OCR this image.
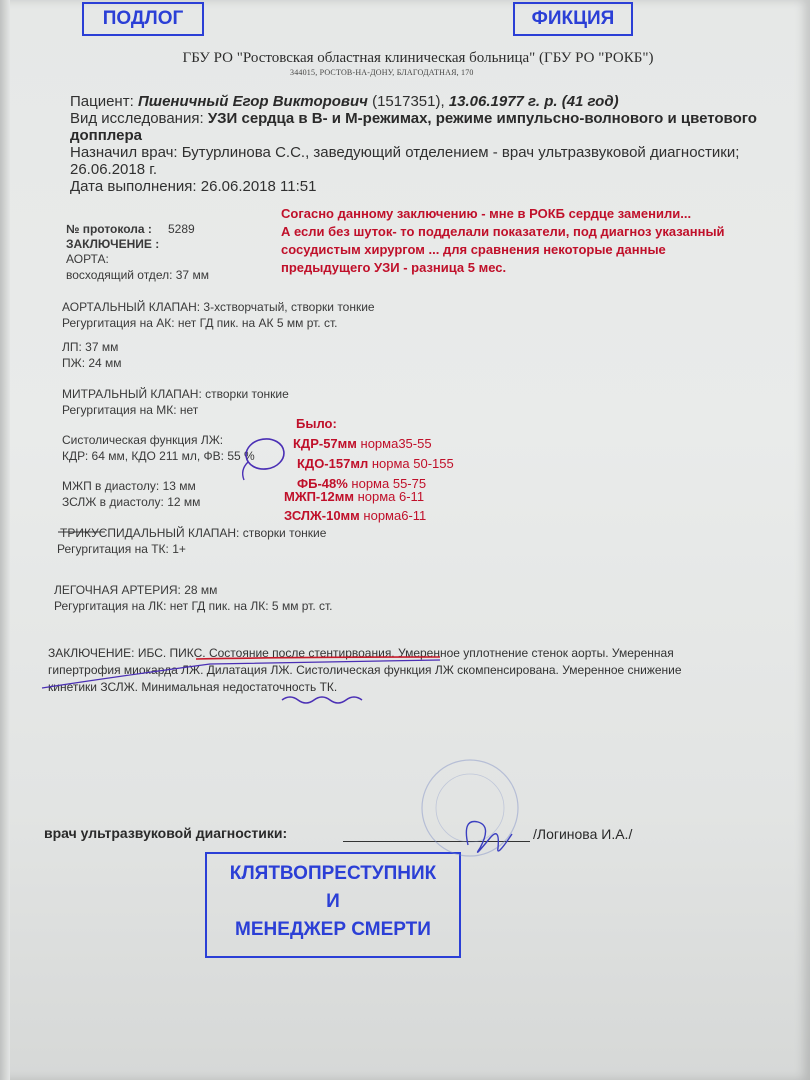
ПОДЛОГ	ФИКЦИЯ
ГБУ РО "Ростовская областная клиническая больница" (ГБУ РО "РОКБ")
344015, РОСТОВ-НА-ДОНУ, БЛАГОДАТНАЯ, 170
Пациент: Пшеничный Егор Викторович (1517351), 13.06.1977 г. р. (41 год)
Вид исследования: УЗИ сердца в В- и М-режимах, режиме импульсно-волнового и цветового допплера
Назначил врач: Бутурлинова С.С., заведующий отделением - врач ультразвуковой диагностики; 26.06.2018 г.
Дата выполнения: 26.06.2018 11:51
№ протокола : 5289
ЗАКЛЮЧЕНИЕ :
АОРТА:
восходящий отдел: 37 мм
АОРТАЛЬНЫЙ КЛАПАН: 3-хстворчатый, створки тонкие
Регургитация на АК: нет ГД пик. на АК 5 мм рт. ст.
ЛП: 37 мм
ПЖ: 24 мм
МИТРАЛЬНЫЙ КЛАПАН: створки тонкие
Регургитация на МК: нет
Систолическая функция ЛЖ:
КДР: 64 мм, КДО 211 мл, ФВ: 55 %
МЖП в диастолу: 13 мм
ЗСЛЖ в диастолу: 12 мм
ТРИКУСПИДАЛЬНЫЙ КЛАПАН: створки тонкие
Регургитация на ТК: 1+
ЛЕГОЧНАЯ АРТЕРИЯ: 28 мм
Регургитация на ЛК: нет ГД пик. на ЛК: 5 мм рт. ст.
Согасно данному заключению - мне в РОКБ сердце заменили...
А если без шуток- то подделали показатели, под диагноз указанный
сосудистым хирургом ... для сравнения некоторые данные
предыдущего УЗИ - разница 5 мес.
Было:
КДР-57мм норма35-55
КДО-157мл норма 50-155
ФБ-48% норма 55-75
МЖП-12мм норма 6-11
ЗСЛЖ-10мм норма6-11
ЗАКЛЮЧЕНИЕ: ИБС. ПИКС. Состояние после стентирвоания. Умеренное уплотнение стенок аорты. Умеренная
гипертрофия миокарда ЛЖ. Дилатация ЛЖ. Систолическая функция ЛЖ скомпенсирована. Умеренное снижение
кинетики ЗСЛЖ. Минимальная недостаточность ТК.
врач ультразвуковой диагностики:	/Логинова И.А./
КЛЯТВОПРЕСТУПНИК
И
МЕНЕДЖЕР СМЕРТИ
